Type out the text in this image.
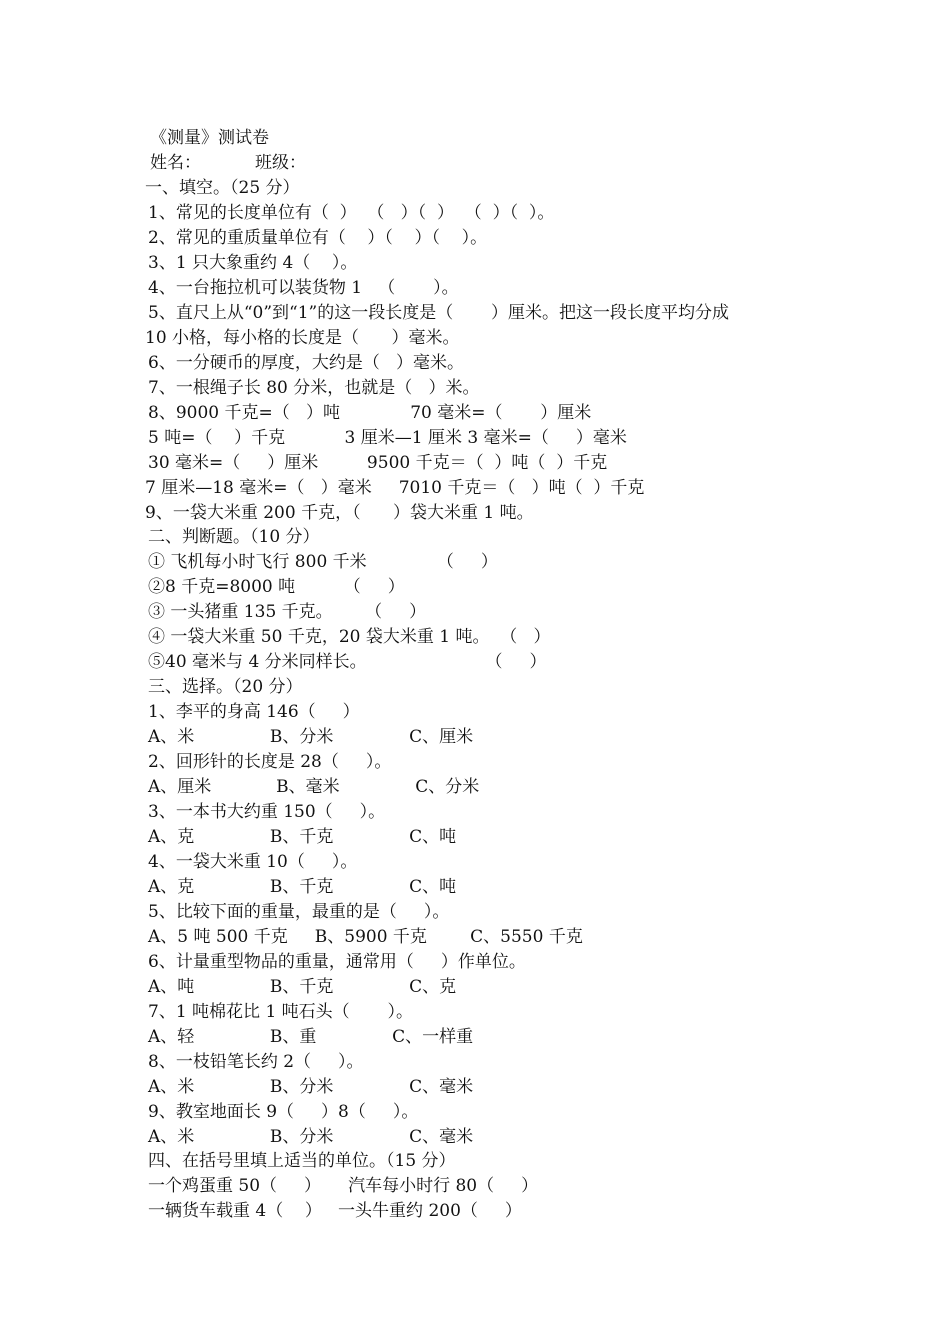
《测量》测试卷
姓名：          班级：
一、填空。（25 分）
1、常见的长度单位有（  ）  （   ）（  ）  （  ）（  ）。
2、常见的重质量单位有（    ）（    ）（    ）。
3、1 只大象重约 4（    ）。
4、一台拖拉机可以装货物 1   （       ）。
5、直尺上从“0”到“1”的这一段长度是（       ）厘米。把这一段长度平均分成
10 小格，每小格的长度是（      ）毫米。
6、一分硬币的厚度，大约是（   ）毫米。
7、一根绳子长 80 分米，也就是（   ）米。
8、9000 千克=（   ）吨             70 毫米=（       ）厘米
5 吨=（    ）千克           3 厘米—1 厘米 3 毫米=（     ）毫米
30 毫米=（     ）厘米         9500 千克＝（  ）吨（  ）千克
7 厘米—18 毫米=（   ）毫米     7010 千克＝（   ）吨（  ）千克
9、一袋大米重 200 千克，（      ）袋大米重 1 吨。
二、判断题。（10 分）
① 飞机每小时飞行 800 千米             （     ）
②8 千克=8000 吨         （     ）
③ 一头猪重 135 千克。      （     ）
④ 一袋大米重 50 千克，20 袋大米重 1 吨。  （   ）
⑤40 毫米与 4 分米同样长。                      （     ）
三、选择。（20 分）
1、李平的身高 146（     ）
A、米              B、分米              C、厘米
2、回形针的长度是 28（     ）。
A、厘米            B、毫米              C、分米
3、一本书大约重 150（     ）。
A、克              B、千克              C、吨
4、一袋大米重 10（     ）。
A、克              B、千克              C、吨
5、比较下面的重量，最重的是（     ）。
A、5 吨 500 千克     B、5900 千克        C、5550 千克
6、计量重型物品的重量，通常用（     ）作单位。
A、吨              B、千克              C、克
7、1 吨棉花比 1 吨石头（       ）。
A、轻              B、重              C、一样重
8、一枝铅笔长约 2（     ）。
A、米              B、分米              C、毫米
9、教室地面长 9（     ）8（     ）。
A、米              B、分米              C、毫米
四、在括号里填上适当的单位。（15 分）
一个鸡蛋重 50（     ）     汽车每小时行 80（     ）
一辆货车载重 4（    ）   一头牛重约 200（     ）
